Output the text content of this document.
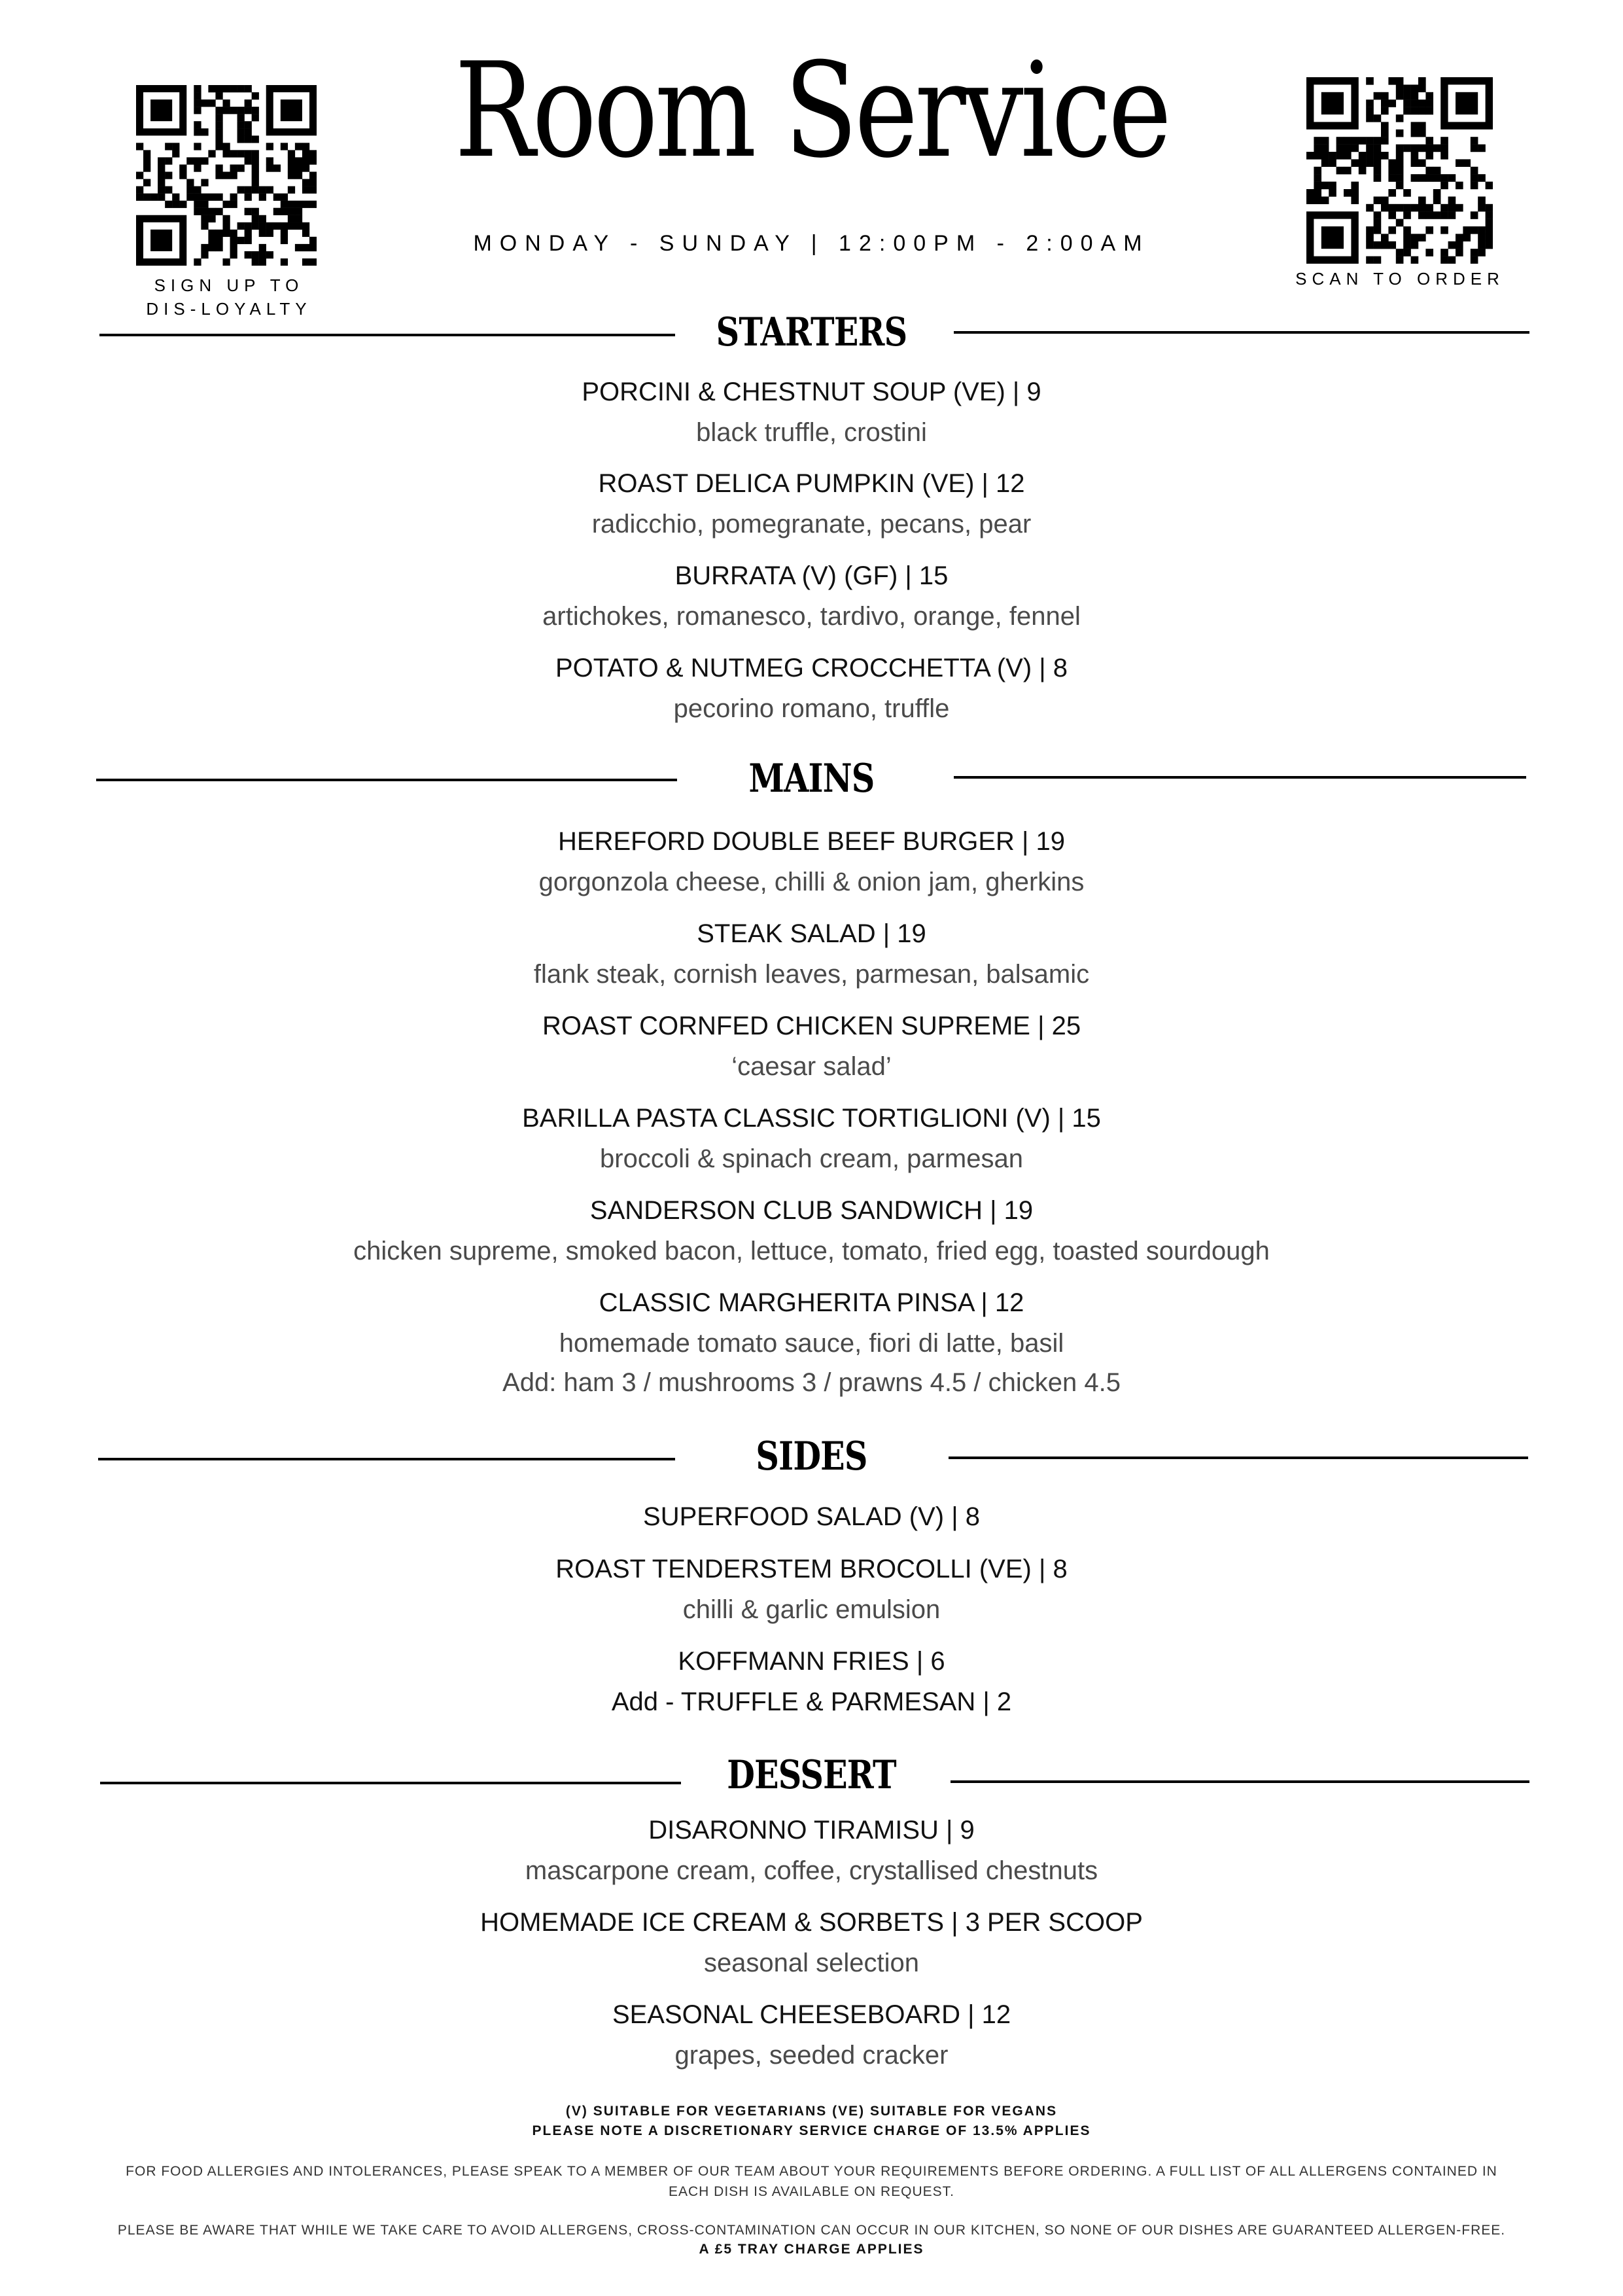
Room Service
MONDAY - SUNDAY | 12:00PM - 2:00AM
SIGN UP TO
DIS-LOYALTY
SCAN TO ORDER
STARTERS
PORCINI & CHESTNUT SOUP (VE) | 9
black truffle, crostini
ROAST DELICA PUMPKIN (VE) | 12
radicchio, pomegranate, pecans, pear
BURRATA (V) (GF) | 15
artichokes, romanesco, tardivo, orange, fennel
POTATO & NUTMEG CROCCHETTA (V) | 8
pecorino romano, truffle
MAINS
HEREFORD DOUBLE BEEF BURGER | 19
gorgonzola cheese, chilli & onion jam, gherkins
STEAK SALAD | 19
flank steak, cornish leaves, parmesan, balsamic
ROAST CORNFED CHICKEN SUPREME | 25
‘caesar salad’
BARILLA PASTA CLASSIC TORTIGLIONI (V) | 15
broccoli & spinach cream, parmesan
SANDERSON CLUB SANDWICH | 19
chicken supreme, smoked bacon, lettuce, tomato, fried egg, toasted sourdough
CLASSIC MARGHERITA PINSA | 12
homemade tomato sauce, fiori di latte, basil
Add: ham 3 / mushrooms 3 / prawns 4.5 / chicken 4.5
SIDES
SUPERFOOD SALAD (V) | 8
ROAST TENDERSTEM BROCOLLI (VE) | 8
chilli & garlic emulsion
KOFFMANN FRIES | 6
Add - TRUFFLE & PARMESAN | 2
DESSERT
DISARONNO TIRAMISU | 9
mascarpone cream, coffee, crystallised chestnuts
HOMEMADE ICE CREAM & SORBETS | 3 PER SCOOP
seasonal selection
SEASONAL CHEESEBOARD | 12
grapes, seeded cracker
(V) SUITABLE FOR VEGETARIANS (VE) SUITABLE FOR VEGANS
PLEASE NOTE A DISCRETIONARY SERVICE CHARGE OF 13.5% APPLIES
FOR FOOD ALLERGIES AND INTOLERANCES, PLEASE SPEAK TO A MEMBER OF OUR TEAM ABOUT YOUR REQUIREMENTS BEFORE ORDERING. A FULL LIST OF ALL ALLERGENS CONTAINED IN
EACH DISH IS AVAILABLE ON REQUEST.
PLEASE BE AWARE THAT WHILE WE TAKE CARE TO AVOID ALLERGENS, CROSS-CONTAMINATION CAN OCCUR IN OUR KITCHEN, SO NONE OF OUR DISHES ARE GUARANTEED ALLERGEN-FREE.
A £5 TRAY CHARGE APPLIES
